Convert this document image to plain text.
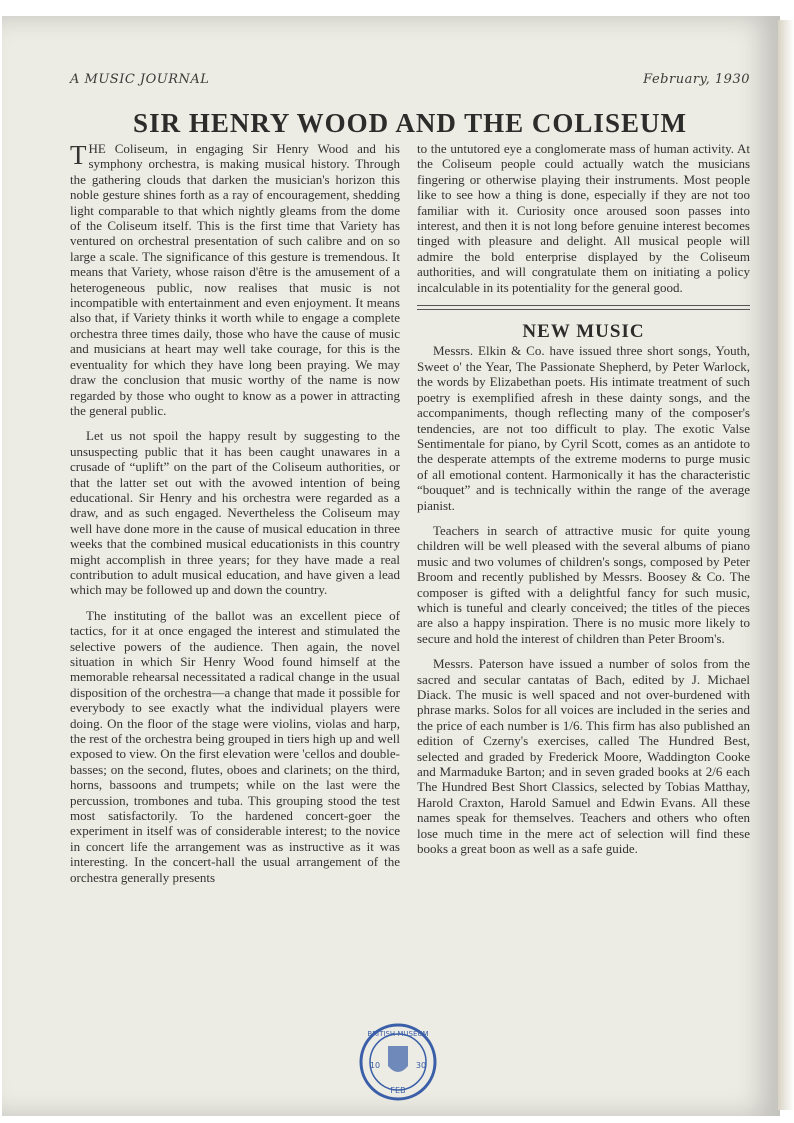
A MUSIC JOURNAL	February, 1930
SIR HENRY WOOD AND THE COLISEUM

THE Coliseum, in engaging Sir Henry Wood and his symphony orchestra, is making musical history. Through the gathering clouds that darken the musician's horizon this noble gesture shines forth as a ray of encouragement, shedding light comparable to that which nightly gleams from the dome of the Coliseum itself. This is the first time that Variety has ventured on orchestral presentation of such calibre and on so large a scale. The significance of this gesture is tremendous. It means that Variety, whose raison d'être is the amusement of a heterogeneous public, now realises that music is not incompatible with entertainment and even enjoyment. It means also that, if Variety thinks it worth while to engage a complete orchestra three times daily, those who have the cause of music and musicians at heart may well take courage, for this is the eventuality for which they have long been praying. We may draw the conclusion that music worthy of the name is now regarded by those who ought to know as a power in attracting the general public.

Let us not spoil the happy result by suggesting to the unsuspecting public that it has been caught unawares in a crusade of “uplift” on the part of the Coliseum authorities, or that the latter set out with the avowed intention of being educational. Sir Henry and his orchestra were regarded as a draw, and as such engaged. Nevertheless the Coliseum may well have done more in the cause of musical education in three weeks that the combined musical educationists in this country might accomplish in three years; for they have made a real contribution to adult musical education, and have given a lead which may be followed up and down the country.

The instituting of the ballot was an excellent piece of tactics, for it at once engaged the interest and stimulated the selective powers of the audience. Then again, the novel situation in which Sir Henry Wood found himself at the memorable rehearsal necessitated a radical change in the usual disposition of the orchestra—a change that made it possible for everybody to see exactly what the individual players were doing. On the floor of the stage were violins, violas and harp, the rest of the orchestra being grouped in tiers high up and well exposed to view. On the first elevation were 'cellos and double-basses; on the second, flutes, oboes and clarinets; on the third, horns, bassoons and trumpets; while on the last were the percussion, trombones and tuba. This grouping stood the test most satisfactorily. To the hardened concert-goer the experiment in itself was of considerable interest; to the novice in concert life the arrangement was as instructive as it was interesting. In the concert-hall the usual arrangement of the orchestra generally presents

to the untutored eye a conglomerate mass of human activity. At the Coliseum people could actually watch the musicians fingering or otherwise playing their instruments. Most people like to see how a thing is done, especially if they are not too familiar with it. Curiosity once aroused soon passes into interest, and then it is not long before genuine interest becomes tinged with pleasure and delight. All musical people will admire the bold enterprise displayed by the Coliseum authorities, and will congratulate them on initiating a policy incalculable in its potentiality for the general good.

NEW MUSIC

Messrs. Elkin & Co. have issued three short songs, Youth, Sweet o' the Year, The Passionate Shepherd, by Peter Warlock, the words by Elizabethan poets. His intimate treatment of such poetry is exemplified afresh in these dainty songs, and the accompaniments, though reflecting many of the composer's tendencies, are not too difficult to play. The exotic Valse Sentimentale for piano, by Cyril Scott, comes as an antidote to the desperate attempts of the extreme moderns to purge music of all emotional content. Harmonically it has the characteristic “bouquet” and is technically within the range of the average pianist.

Teachers in search of attractive music for quite young children will be well pleased with the several albums of piano music and two volumes of children's songs, composed by Peter Broom and recently published by Messrs. Boosey & Co. The composer is gifted with a delightful fancy for such music, which is tuneful and clearly conceived; the titles of the pieces are also a happy inspiration. There is no music more likely to secure and hold the interest of children than Peter Broom's.

Messrs. Paterson have issued a number of solos from the sacred and secular cantatas of Bach, edited by J. Michael Diack. The music is well spaced and not over-burdened with phrase marks. Solos for all voices are included in the series and the price of each number is 1/6. This firm has also published an edition of Czerny's exercises, called The Hundred Best, selected and graded by Frederick Moore, Waddington Cooke and Marmaduke Barton; and in seven graded books at 2/6 each The Hundred Best Short Classics, selected by Tobias Matthay, Harold Craxton, Harold Samuel and Edwin Evans. All these names speak for themselves. Teachers and others who often lose much time in the mere act of selection will find these books a great boon as well as a safe guide.

BRITISH MUSEUM
10	30
FEB
